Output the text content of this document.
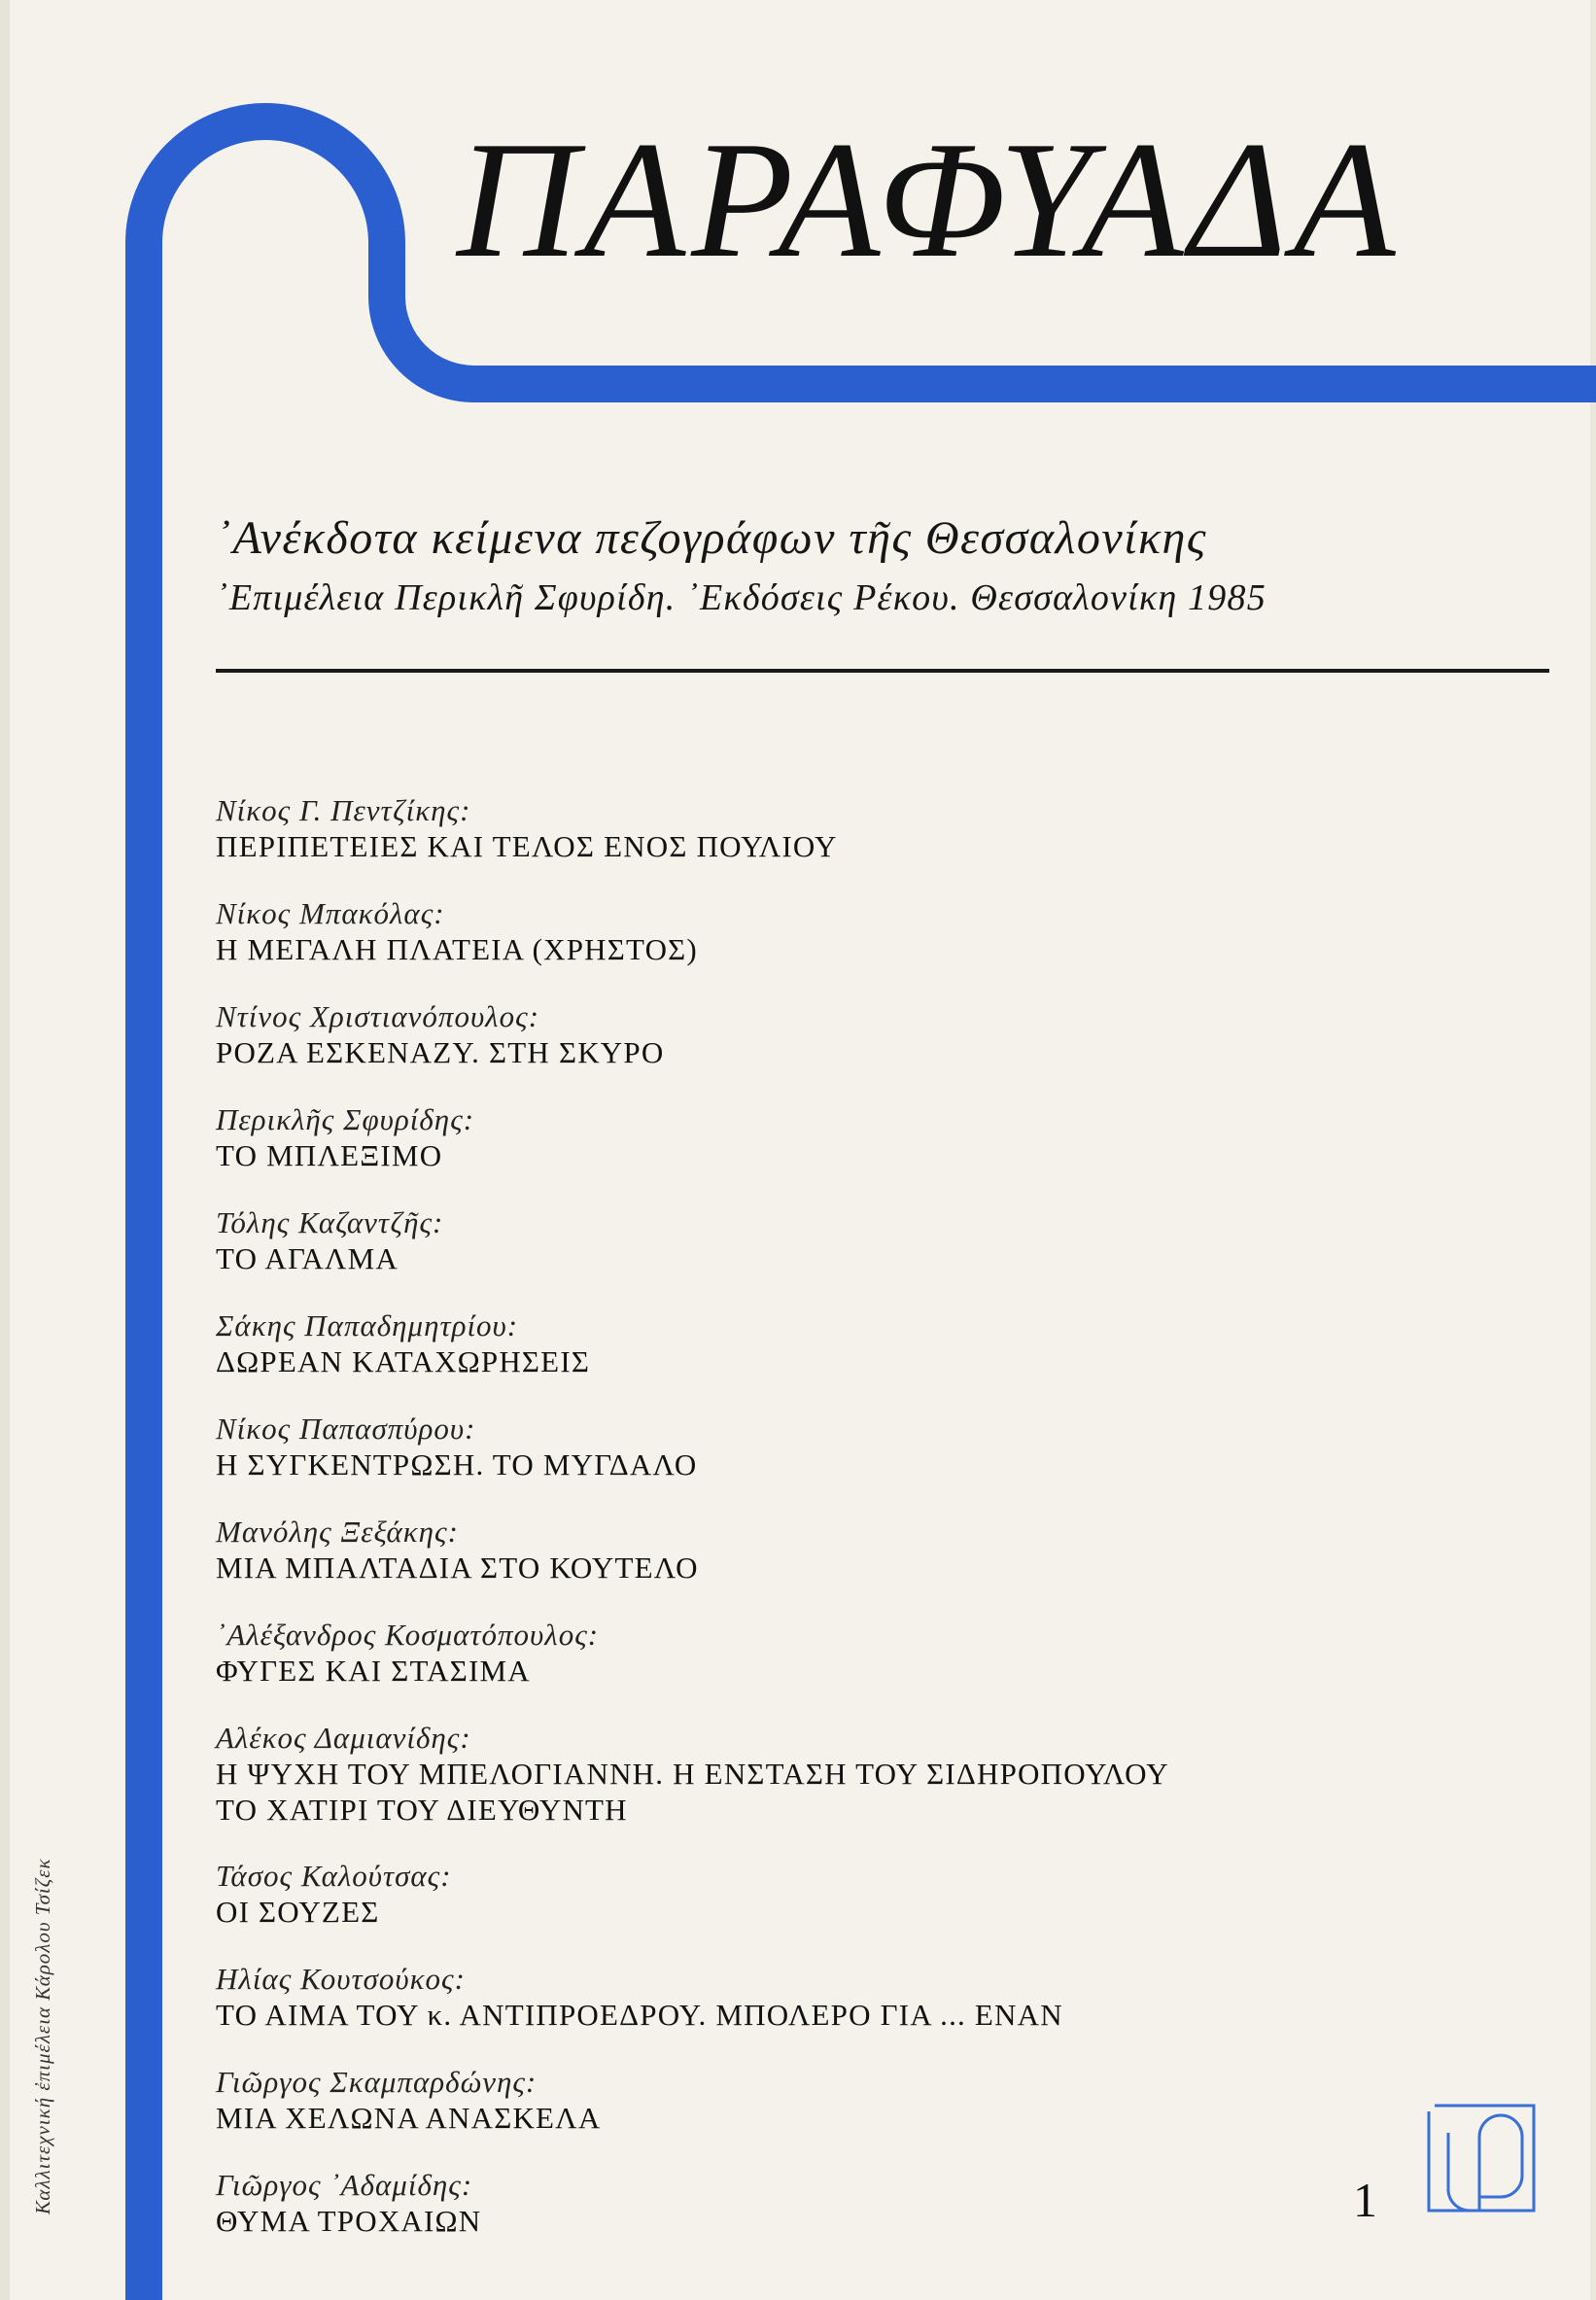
ΠΑΡΑΦΥΑΔΑ
᾿Ανέκδοτα κείμενα πεζογράφων τῆς Θεσσαλονίκης
᾿Επιμέλεια Περικλῆ Σφυρίδη. ᾿Εκδόσεις Ρέκου. Θεσσαλονίκη 1985
Νίκος Γ. Πεντζίκης:
ΠΕΡΙΠΕΤΕΙΕΣ ΚΑΙ ΤΕΛΟΣ ΕΝΟΣ ΠΟΥΛΙΟΥ
Νίκος Μπακόλας:
Η ΜΕΓΑΛΗ ΠΛΑΤΕΙΑ (ΧΡΗΣΤΟΣ)
Ντίνος Χριστιανόπουλος:
ΡΟΖΑ ΕΣΚΕΝΑΖΥ. ΣΤΗ ΣΚΥΡΟ
Περικλῆς Σφυρίδης:
ΤΟ ΜΠΛΕΞΙΜΟ
Τόλης Καζαντζῆς:
ΤΟ ΑΓΑΛΜΑ
Σάκης Παπαδημητρίου:
ΔΩΡΕΑΝ ΚΑΤΑΧΩΡΗΣΕΙΣ
Νίκος Παπασπύρου:
Η ΣΥΓΚΕΝΤΡΩΣΗ. ΤΟ ΜΥΓΔΑΛΟ
Μανόλης Ξεξάκης:
ΜΙΑ ΜΠΑΛΤΑΔΙΑ ΣΤΟ ΚΟΥΤΕΛΟ
᾿Αλέξανδρος Κοσματόπουλος:
ΦΥΓΕΣ ΚΑΙ ΣΤΑΣΙΜΑ
Αλέκος Δαμιανίδης:
Η ΨΥΧΗ ΤΟΥ ΜΠΕΛΟΓΙΑΝΝΗ. Η ΕΝΣΤΑΣΗ ΤΟΥ ΣΙΔΗΡΟΠΟΥΛΟΥ
ΤΟ ΧΑΤΙΡΙ ΤΟΥ ΔΙΕΥΘΥΝΤΗ
Τάσος Καλούτσας:
ΟΙ ΣΟΥΖΕΣ
Ηλίας Κουτσούκος:
ΤΟ ΑΙΜΑ ΤΟΥ κ. ΑΝΤΙΠΡΟΕΔΡΟΥ. ΜΠΟΛΕΡΟ ΓΙΑ ... ΕΝΑΝ
Γιῶργος Σκαμπαρδώνης:
ΜΙΑ ΧΕΛΩΝΑ ΑΝΑΣΚΕΛΑ
Γιῶργος ᾿Αδαμίδης:
ΘΥΜΑ ΤΡΟΧΑΙΩΝ
Καλλιτεχνική ἐπιμέλεια Κάρολου Τσίζεκ	1
